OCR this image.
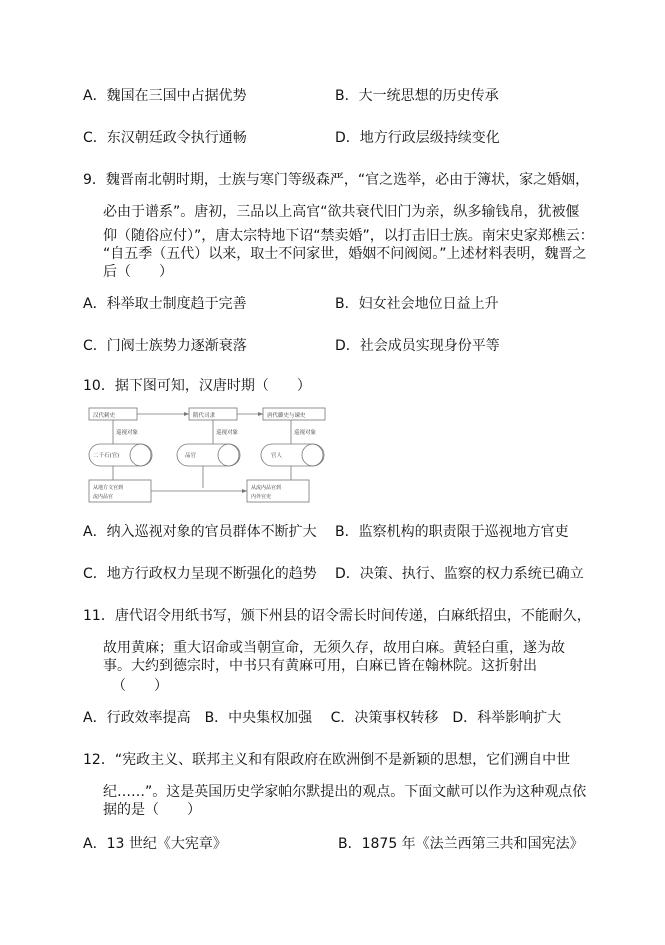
A．魏国在三国中占据优势	B．大一统思想的历史传承
C．东汉朝廷政令执行通畅	D．地方行政层级持续变化
9．魏晋南北朝时期，士族与寒门等级森严，“官之选举，必由于簿状，家之婚姻，
必由于谱系”。唐初，三品以上高官“欲共衰代旧门为亲，纵多输钱帛，犹被偃
仰（随俗应付）”，唐太宗特地下诏“禁卖婚”，以打击旧士族。南宋史家郑樵云：
“自五季（五代）以来，取士不问家世，婚姻不问阀阅。”上述材料表明，魏晋之
后（　　）
A．科举取士制度趋于完善	B．妇女社会地位日益上升
C．门阀士族势力逐渐衰落	D．社会成员实现身份平等
10．据下图可知，汉唐时期（　　）
汉代刺史	隋代司隶	唐代御史与谏史
巡视对象	巡视对象	巡视对象
二千石(官)	品官	官人
从地方文官到
流内品官
从流内品官到
内外官吏
A．纳入巡视对象的官员群体不断扩大 B．监察机构的职责限于巡视地方官吏
C．地方行政权力呈现不断强化的趋势 D．决策、执行、监察的权力系统已确立
11．唐代诏令用纸书写，颁下州县的诏令需长时间传递，白麻纸招虫，不能耐久，
故用黄麻；重大诏命或当朝宣命，无须久存，故用白麻。黄轻白重，遂为故
事。大约到德宗时，中书只有黄麻可用，白麻已皆在翰林院。这折射出
（　　）
A．行政效率提高　B．中央集权加强　 C．决策事权转移　D．科举影响扩大
12．“宪政主义、联邦主义和有限政府在欧洲倒不是新颖的思想，它们溯自中世
纪……”。这是英国历史学家帕尔默提出的观点。下面文献可以作为这种观点依
据的是（　　）
A．13 世纪《大宪章》	B．1875 年《法兰西第三共和国宪法》
